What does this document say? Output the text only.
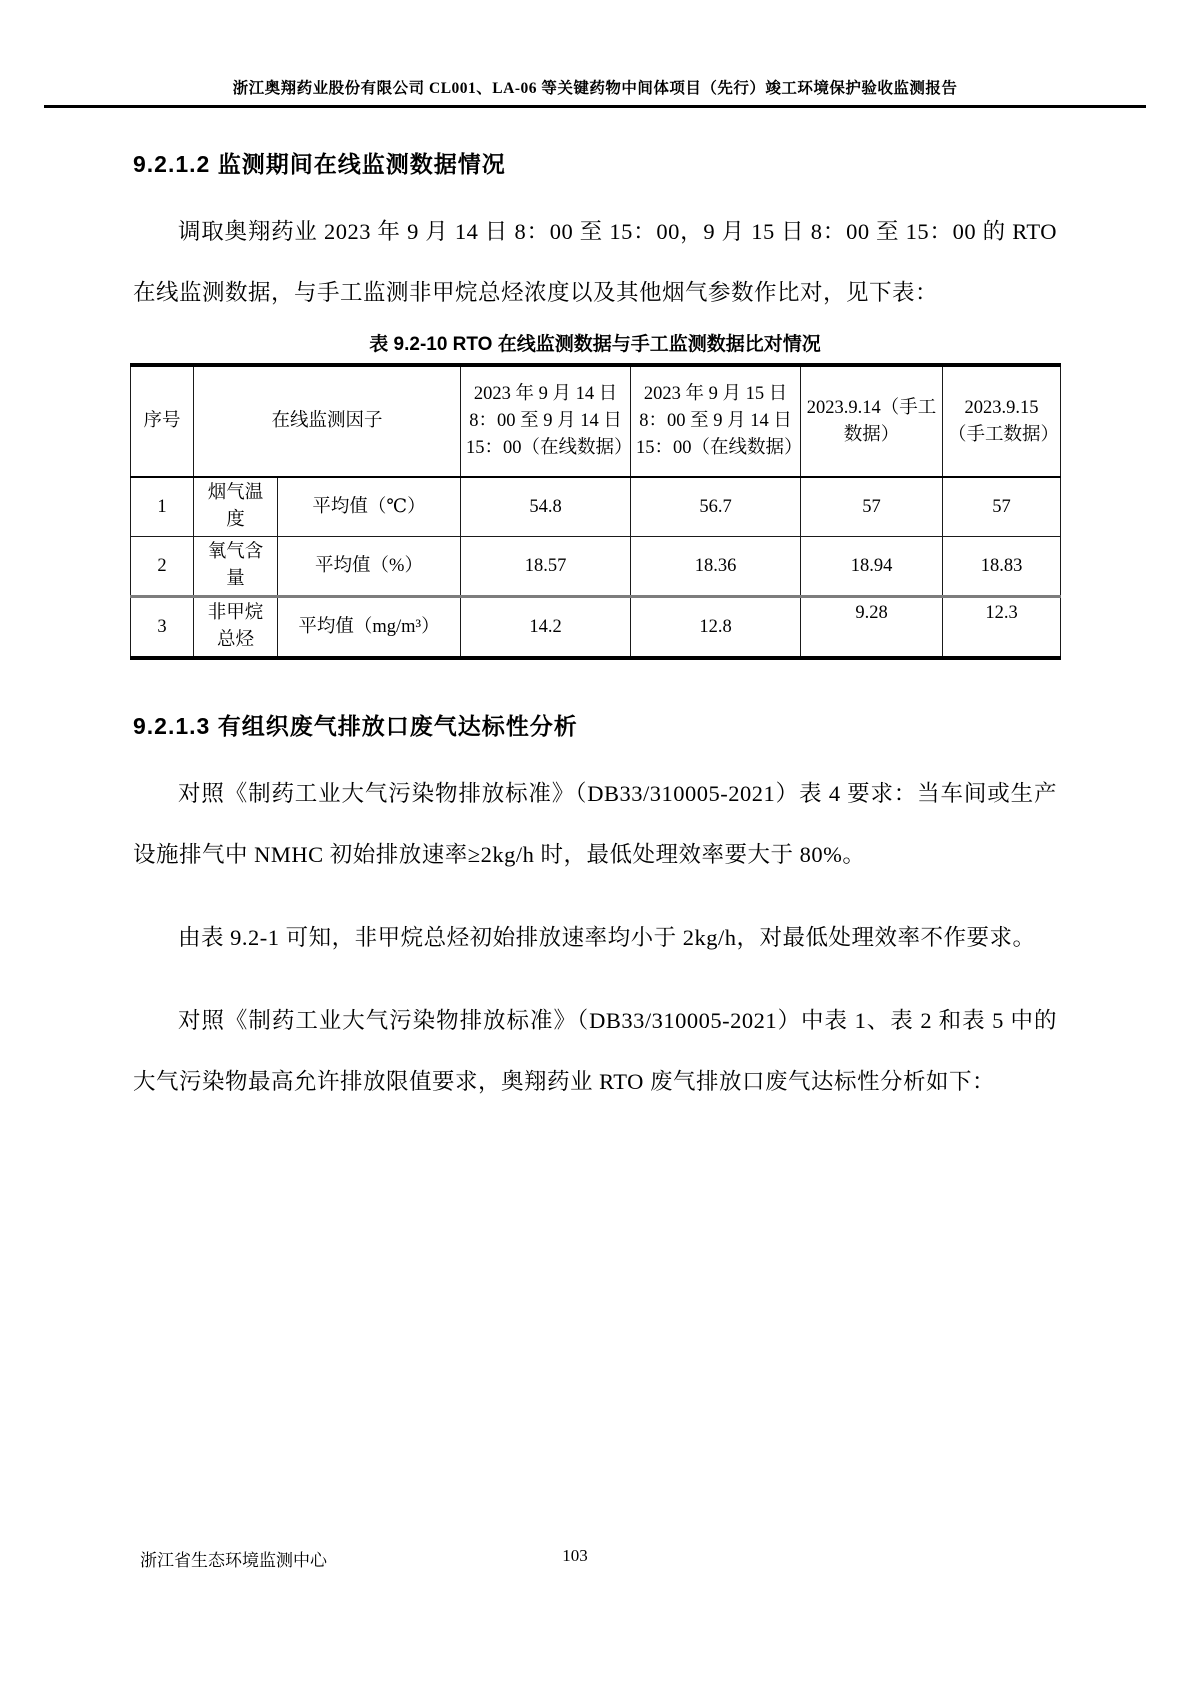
浙江奥翔药业股份有限公司 CL001、LA-06 等关键药物中间体项目（先行）竣工环境保护验收监测报告
9.2.1.2 监测期间在线监测数据情况

调取奥翔药业 2023 年 9 月 14 日 8：00 至 15：00，9 月 15 日 8：00 至 15：00 的 RTO 在线监测数据，与手工监测非甲烷总烃浓度以及其他烟气参数作比对，见下表：

表 9.2-10 RTO 在线监测数据与手工监测数据比对情况
序号	在线监测因子		2023 年 9 月 14 日 8：00 至 9 月 14 日 15：00（在线数据）	2023 年 9 月 15 日 8：00 至 9 月 14 日 15：00（在线数据）	2023.9.14（手工数据）	2023.9.15（手工数据）
1	烟气温度	平均值（℃）	54.8	56.7	57	57
2	氧气含量	平均值（%）	18.57	18.36	18.94	18.83
3	非甲烷总烃	平均值（mg/m³）	14.2	12.8	9.28	12.3
9.2.1.3 有组织废气排放口废气达标性分析

对照《制药工业大气污染物排放标准》（DB33/310005-2021）表 4 要求：当车间或生产设施排气中 NMHC 初始排放速率≥2kg/h 时，最低处理效率要大于 80%。

由表 9.2-1 可知，非甲烷总烃初始排放速率均小于 2kg/h，对最低处理效率不作要求。

对照《制药工业大气污染物排放标准》（DB33/310005-2021）中表 1、表 2 和表 5 中的大气污染物最高允许排放限值要求，奥翔药业 RTO 废气排放口废气达标性分析如下：

浙江省生态环境监测中心	103
